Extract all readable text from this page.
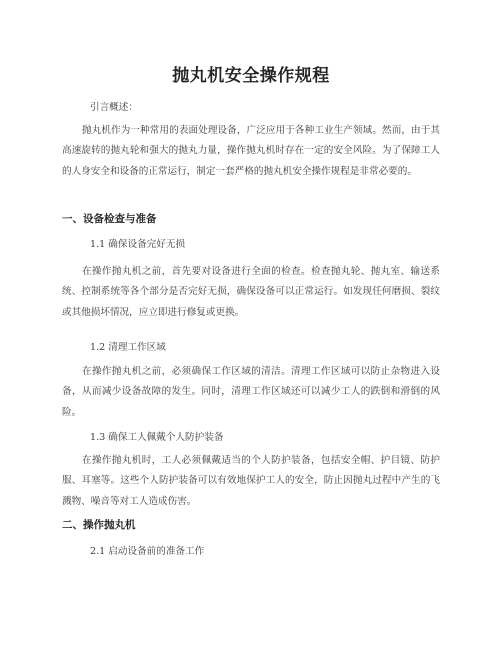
抛丸机安全操作规程

引言概述：

抛丸机作为一种常用的表面处理设备，广泛应用于各种工业生产领域。然而，由于其高速旋转的抛丸轮和强大的抛丸力量，操作抛丸机时存在一定的安全风险。为了保障工人的人身安全和设备的正常运行，制定一套严格的抛丸机安全操作规程是非常必要的。

一、设备检查与准备

1.1 确保设备完好无损

在操作抛丸机之前，首先要对设备进行全面的检查。检查抛丸轮、抛丸室、输送系统、控制系统等各个部分是否完好无损，确保设备可以正常运行。如发现任何磨损、裂纹或其他损坏情况，应立即进行修复或更换。

1.2 清理工作区域

在操作抛丸机之前，必须确保工作区域的清洁。清理工作区域可以防止杂物进入设备，从而减少设备故障的发生。同时，清理工作区域还可以减少工人的跌倒和滑倒的风险。

1.3 确保工人佩戴个人防护装备

在操作抛丸机时，工人必须佩戴适当的个人防护装备，包括安全帽、护目镜、防护服、耳塞等。这些个人防护装备可以有效地保护工人的安全，防止因抛丸过程中产生的飞溅物、噪音等对工人造成伤害。

二、操作抛丸机

2.1 启动设备前的准备工作
